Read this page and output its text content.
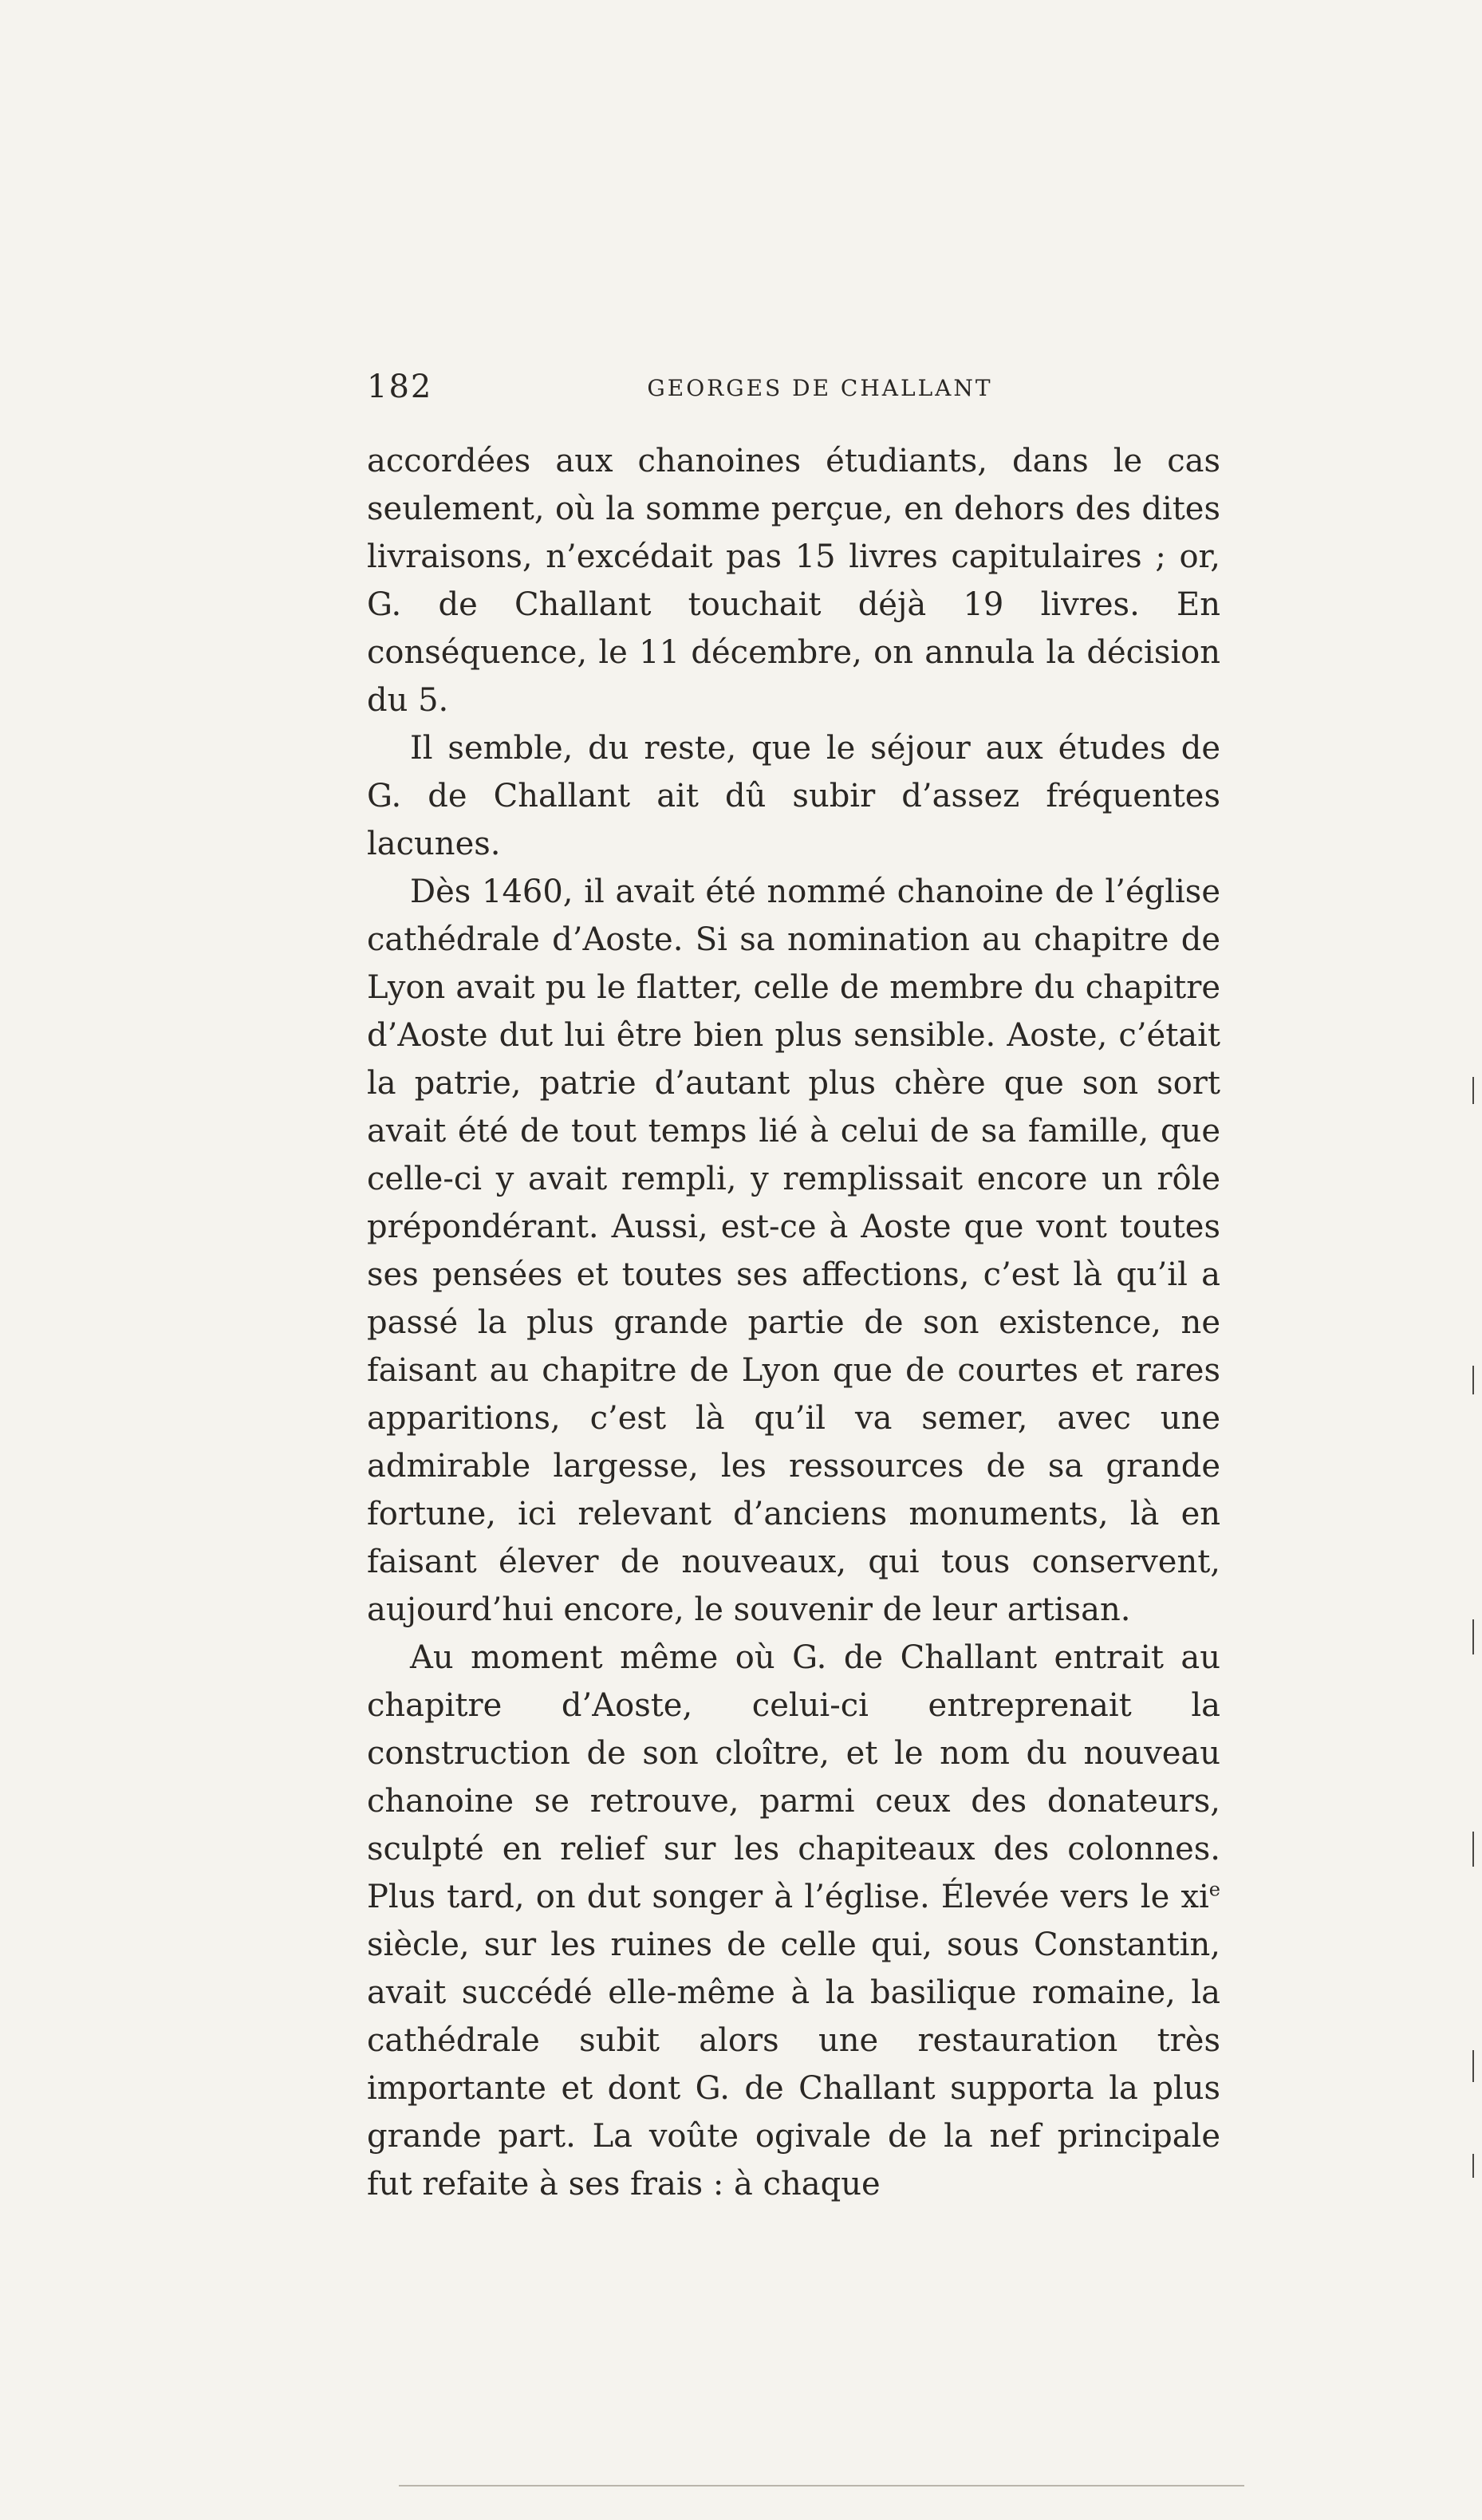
182	GEORGES DE CHALLANT

accordées aux chanoines étudiants, dans le cas seulement, où la somme perçue, en dehors des dites livraisons, n’excédait pas 15 livres capitulaires ; or, G. de Challant touchait déjà 19 livres. En conséquence, le 11 décembre, on annula la décision du 5.

Il semble, du reste, que le séjour aux études de G. de Challant ait dû subir d’assez fréquentes lacunes.

Dès 1460, il avait été nommé chanoine de l’église cathédrale d’Aoste. Si sa nomination au chapitre de Lyon avait pu le flatter, celle de membre du chapitre d’Aoste dut lui être bien plus sensible. Aoste, c’était la patrie, patrie d’autant plus chère que son sort avait été de tout temps lié à celui de sa famille, que celle-ci y avait rempli, y remplissait encore un rôle prépondérant. Aussi, est-ce à Aoste que vont toutes ses pensées et toutes ses affections, c’est là qu’il a passé la plus grande partie de son existence, ne faisant au chapitre de Lyon que de courtes et rares apparitions, c’est là qu’il va semer, avec une admirable largesse, les ressources de sa grande fortune, ici relevant d’anciens monuments, là en faisant élever de nouveaux, qui tous conservent, aujourd’hui encore, le souvenir de leur artisan.

Au moment même où G. de Challant entrait au chapitre d’Aoste, celui-ci entreprenait la construction de son cloître, et le nom du nouveau chanoine se retrouve, parmi ceux des donateurs, sculpté en relief sur les chapiteaux des colonnes. Plus tard, on dut songer à l’église. Élevée vers le $xi^e$ siècle, sur les ruines de celle qui, sous Constantin, avait succédé elle-même à la basilique romaine, la cathédrale subit alors une restauration très importante et dont G. de Challant supporta la plus grande part. La voûte ogivale de la nef principale fut refaite à ses frais : à chaque
